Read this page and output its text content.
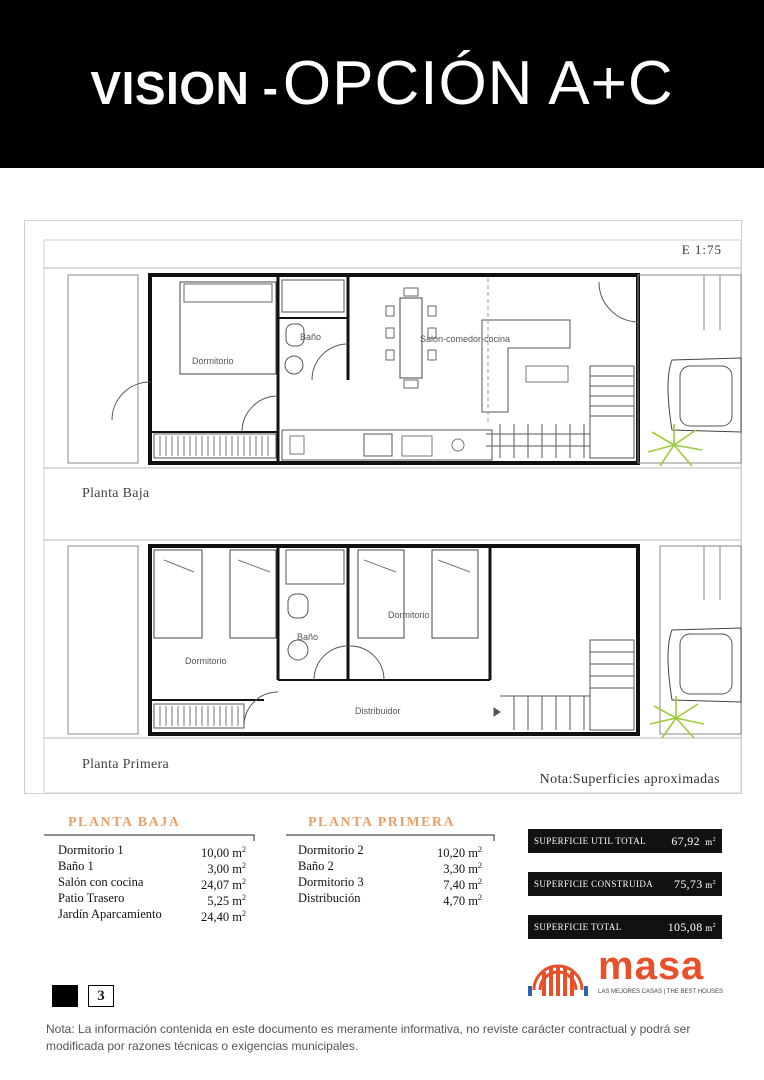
VISION - OPCIÓN A+C
Dormitorio
Baño	Salón-comedor-cocina
Dormitorio
Baño
Dormitorio
Distribuidor
E 1:75
Planta Baja
Planta Primera
Nota:Superficies aproximadas
PLANTA BAJA
Dormitorio 1	10,00 $m^2$
Baño 1	3,00 $m^2$
Salón con cocina	24,07 $m^2$
Patio Trasero	5,25 $m^2$
Jardín Aparcamiento	24,40 $m^2$
PLANTA PRIMERA
Dormitorio 2	10,20 $m^2$
Baño 2	3,30 $m^2$
Dormitorio 3	7,40 $m^2$
Distribución	4,70 $m^2$
SUPERFICIE UTIL TOTAL 67,92 $m^2$
SUPERFICIE CONSTRUIDA 75,73 $m^2$
SUPERFICIE TOTAL	105,08 $m^2$
3
masa
LAS MEJORES CASAS | THE BEST HOUSES
Nota: La información contenida en este documento es meramente informativa, no reviste carácter contractual y podrá ser modificada por razones técnicas o exigencias municipales.
